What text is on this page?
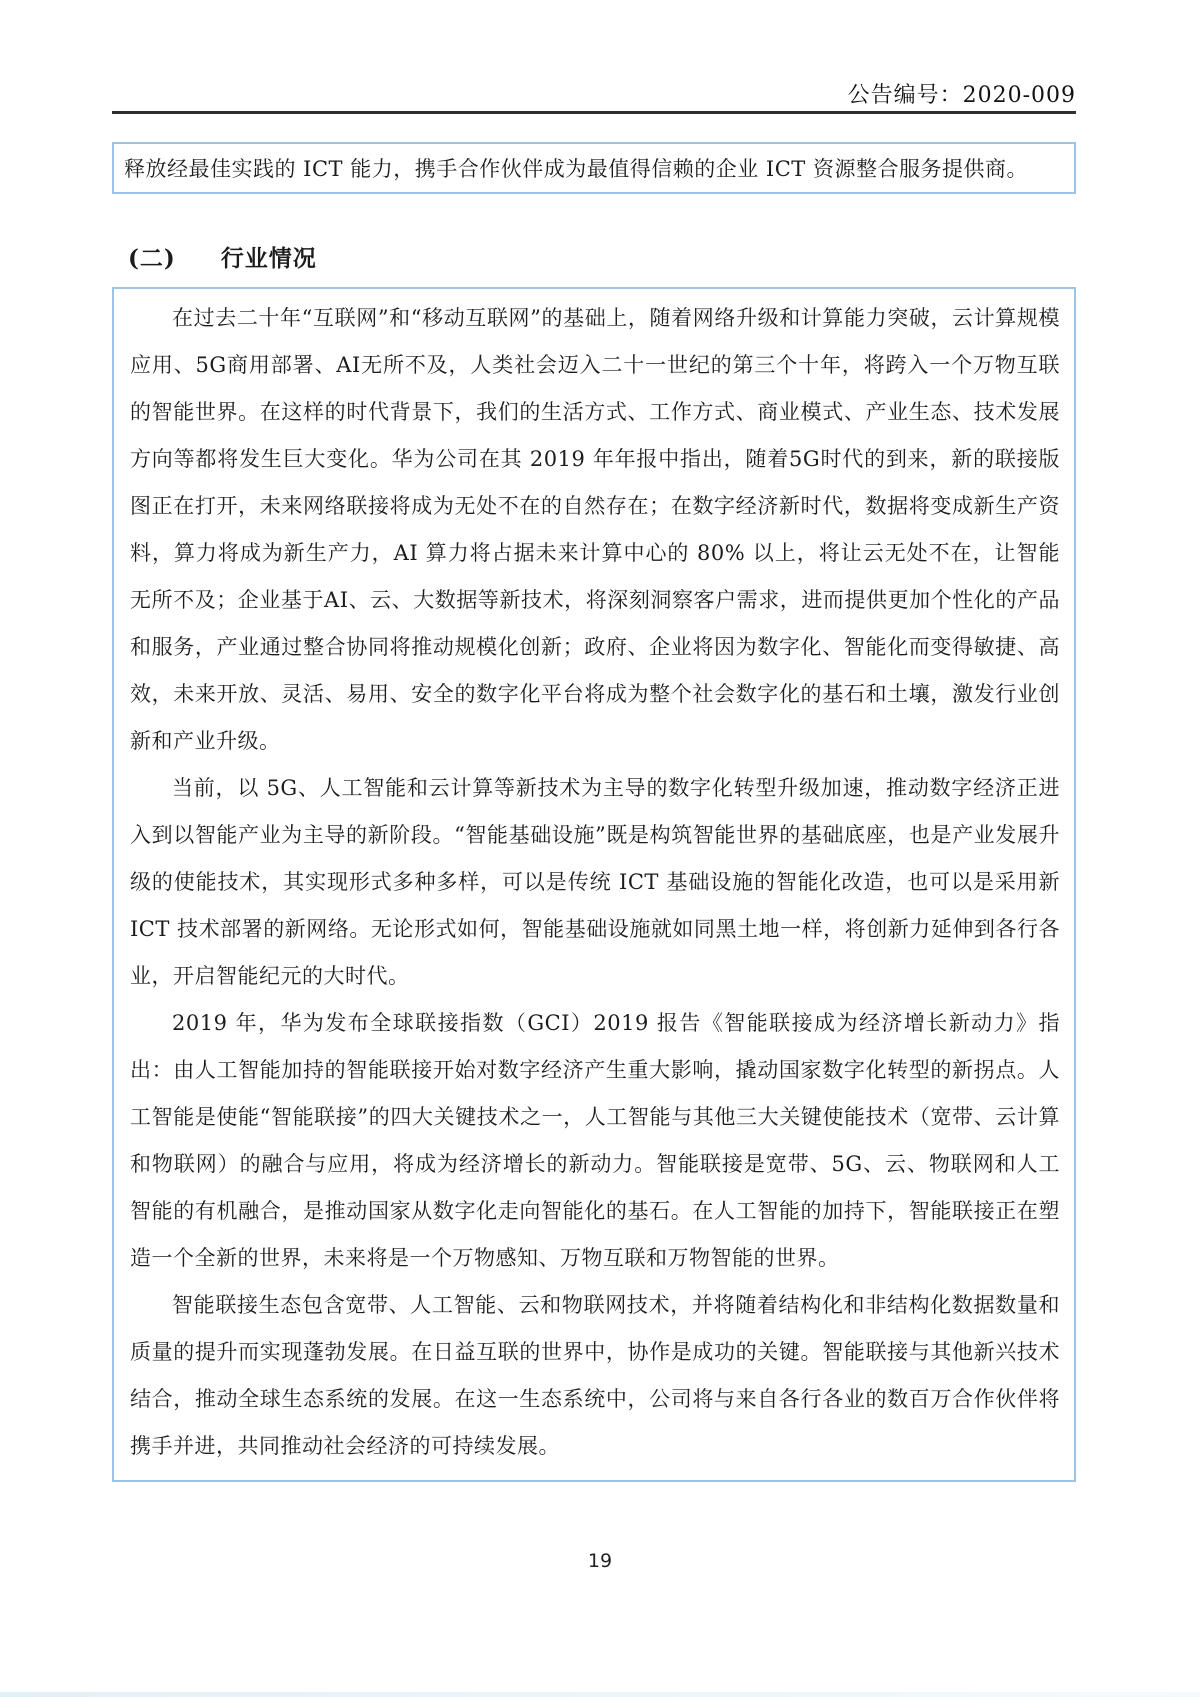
公告编号：2020-009

释放经最佳实践的 ICT 能力，携手合作伙伴成为最值得信赖的企业 ICT 资源整合服务提供商。

(二) 行业情况

在过去二十年“互联网”和“移动互联网”的基础上，随着网络升级和计算能力突破，云计算规模应用、5G商用部署、AI无所不及，人类社会迈入二十一世纪的第三个十年，将跨入一个万物互联的智能世界。在这样的时代背景下，我们的生活方式、工作方式、商业模式、产业生态、技术发展方向等都将发生巨大变化。华为公司在其 2019 年年报中指出，随着5G时代的到来，新的联接版图正在打开，未来网络联接将成为无处不在的自然存在；在数字经济新时代，数据将变成新生产资料，算力将成为新生产力，AI 算力将占据未来计算中心的 80% 以上，将让云无处不在，让智能无所不及；企业基于AI、云、大数据等新技术，将深刻洞察客户需求，进而提供更加个性化的产品和服务，产业通过整合协同将推动规模化创新；政府、企业将因为数字化、智能化而变得敏捷、高效，未来开放、灵活、易用、安全的数字化平台将成为整个社会数字化的基石和土壤，激发行业创新和产业升级。

当前，以 5G、人工智能和云计算等新技术为主导的数字化转型升级加速，推动数字经济正进入到以智能产业为主导的新阶段。“智能基础设施”既是构筑智能世界的基础底座，也是产业发展升级的使能技术，其实现形式多种多样，可以是传统 ICT 基础设施的智能化改造，也可以是采用新 ICT 技术部署的新网络。无论形式如何，智能基础设施就如同黑土地一样，将创新力延伸到各行各业，开启智能纪元的大时代。

2019 年，华为发布全球联接指数（GCI）2019 报告《智能联接成为经济增长新动力》指出：由人工智能加持的智能联接开始对数字经济产生重大影响，撬动国家数字化转型的新拐点。人工智能是使能“智能联接”的四大关键技术之一，人工智能与其他三大关键使能技术（宽带、云计算和物联网）的融合与应用，将成为经济增长的新动力。智能联接是宽带、5G、云、物联网和人工智能的有机融合，是推动国家从数字化走向智能化的基石。在人工智能的加持下，智能联接正在塑造一个全新的世界，未来将是一个万物感知、万物互联和万物智能的世界。

智能联接生态包含宽带、人工智能、云和物联网技术，并将随着结构化和非结构化数据数量和质量的提升而实现蓬勃发展。在日益互联的世界中，协作是成功的关键。智能联接与其他新兴技术结合，推动全球生态系统的发展。在这一生态系统中，公司将与来自各行各业的数百万合作伙伴将携手并进，共同推动社会经济的可持续发展。

19
